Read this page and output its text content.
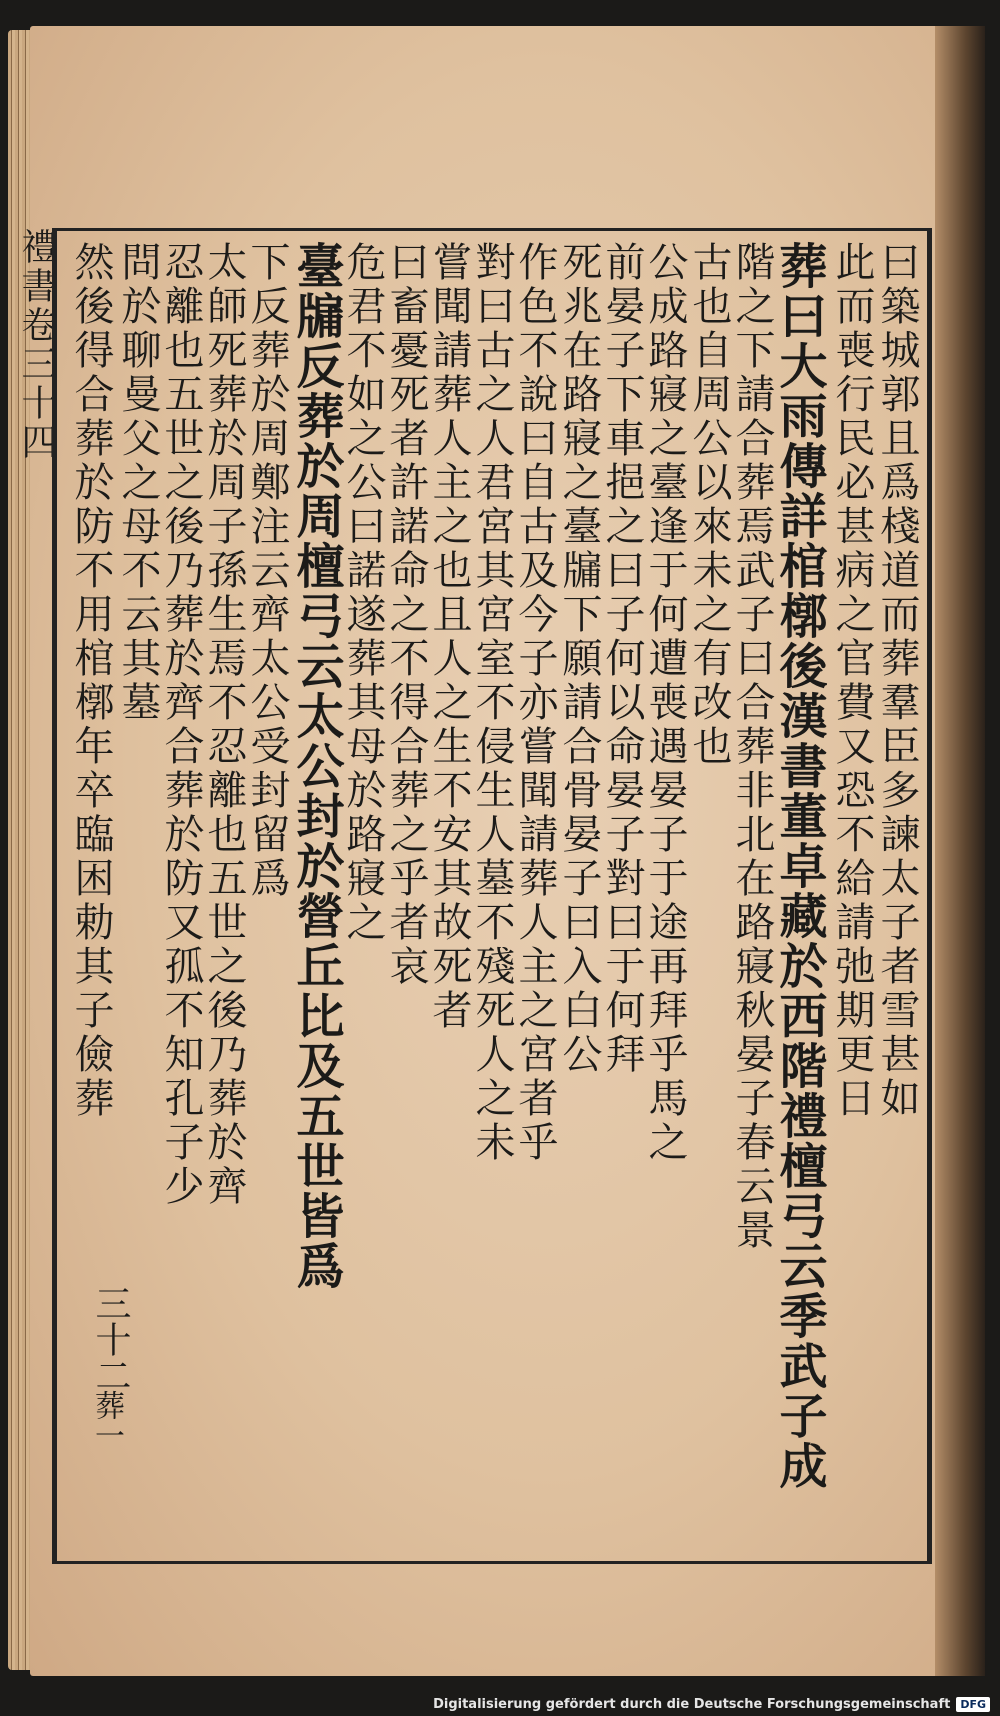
禮書卷三十四	曰築城郭且爲棧道而葬羣臣多諫太子者雪甚如
此而喪行民必甚病之官費又恐不給請弛期更日
葬曰大雨傳詳棺槨後漢書董卓藏於西階禮檀弓云季武子成
階之下請合葬焉武子曰合葬非北在路寢秋晏子春云景
古也自周公以來未之有改也
公成路寢之臺逢于何遭喪遇晏子于途再拜乎馬之
前晏子下車挹之曰子何以命晏子對曰于何拜
死兆在路寢之臺牖下願請合骨晏子曰入白公
作色不說曰自古及今子亦嘗聞請葬人主之宮者乎
對曰古之人君宮其宮室不侵生人墓不殘死人之未
嘗聞請葬人主之也且人之生不安其故死者
曰畜憂死者許諾命之不得合葬之乎者哀
危君不如之公曰諾遂葬其母於路寢之
臺牖反葬於周檀弓云太公封於營丘比及五世皆爲
下反葬於周鄭注云齊太公受封留爲
太師死葬於周子孫生焉不忍離也五世之後乃葬於齊
忍離也五世之後乃葬於齊合葬於防又孤不知孔子少
問於聊曼父之母不云其墓
然後得合葬於防不用棺槨年卒臨困勅其子儉葬
三十二
葬一
Digitalisierung gefördert durch die Deutsche Forschungsgemeinschaft DFG
